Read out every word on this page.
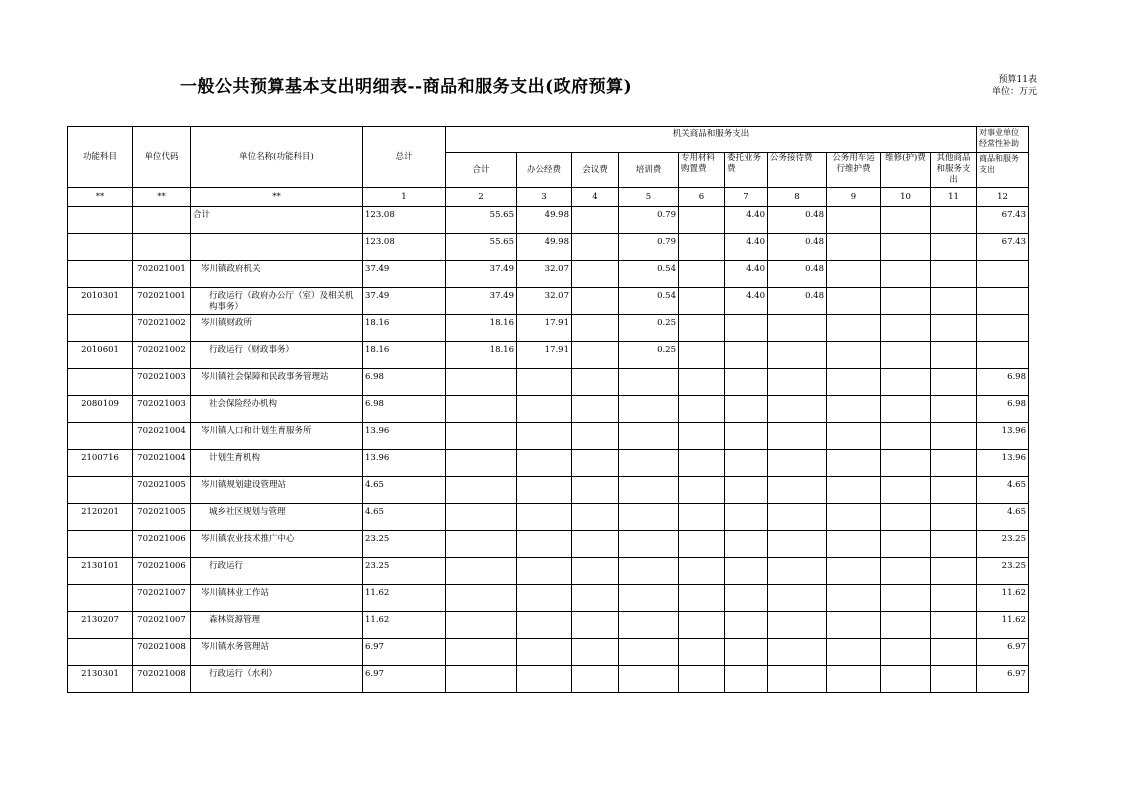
一般公共预算基本支出明细表--商品和服务支出(政府预算)	预算11表
单位：万元
功能科目	单位代码	单位名称(功能科目)	总计	机关商品和服务支出										对事业单位经常性补助
				合计	办公经费	会议费	培训费	专用材料购置费	委托业务费	公务接待费	公务用车运行维护费	维修(护)费	其他商品和服务支出	商品和服务支出
**	**	**	1	2	3	4	5	6	7	8	9	10	11	12
		合计	123.08	55.65	49.98		0.79		4.40	0.48				67.43
			123.08	55.65	49.98		0.79		4.40	0.48				67.43
	702021001	岑川镇政府机关	37.49	37.49	32.07		0.54		4.40	0.48				
2010301	702021001	行政运行（政府办公厅（室）及相关机构事务）	37.49	37.49	32.07		0.54		4.40	0.48				
	702021002	岑川镇财政所	18.16	18.16	17.91		0.25							
2010601	702021002	行政运行（财政事务）	18.16	18.16	17.91		0.25							
	702021003	岑川镇社会保障和民政事务管理站	6.98											6.98
2080109	702021003	社会保险经办机构	6.98											6.98
	702021004	岑川镇人口和计划生育服务所	13.96											13.96
2100716	702021004	计划生育机构	13.96											13.96
	702021005	岑川镇规划建设管理站	4.65											4.65
2120201	702021005	城乡社区规划与管理	4.65											4.65
	702021006	岑川镇农业技术推广中心	23.25											23.25
2130101	702021006	行政运行	23.25											23.25
	702021007	岑川镇林业工作站	11.62											11.62
2130207	702021007	森林资源管理	11.62											11.62
	702021008	岑川镇水务管理站	6.97											6.97
2130301	702021008	行政运行（水利）	6.97											6.97
